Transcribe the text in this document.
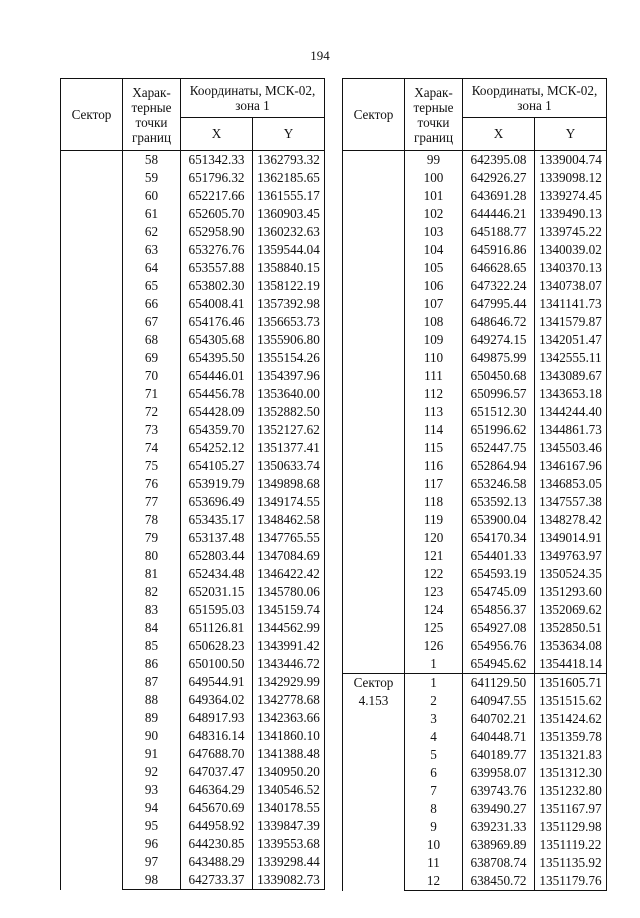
194
Сектор	Харак-терные точки границ	Координаты, МСК-02, зона 1	
		X	Y
	58	651342.33	1362793.32
	59	651796.32	1362185.65
	60	652217.66	1361555.17
	61	652605.70	1360903.45
	62	652958.90	1360232.63
	63	653276.76	1359544.04
	64	653557.88	1358840.15
	65	653802.30	1358122.19
	66	654008.41	1357392.98
	67	654176.46	1356653.73
	68	654305.68	1355906.80
	69	654395.50	1355154.26
	70	654446.01	1354397.96
	71	654456.78	1353640.00
	72	654428.09	1352882.50
	73	654359.70	1352127.62
	74	654252.12	1351377.41
	75	654105.27	1350633.74
	76	653919.79	1349898.68
	77	653696.49	1349174.55
	78	653435.17	1348462.58
	79	653137.48	1347765.55
	80	652803.44	1347084.69
	81	652434.48	1346422.42
	82	652031.15	1345780.06
	83	651595.03	1345159.74
	84	651126.81	1344562.99
	85	650628.23	1343991.42
	86	650100.50	1343446.72
	87	649544.91	1342929.99
	88	649364.02	1342778.68
	89	648917.93	1342363.66
	90	648316.14	1341860.10
	91	647688.70	1341388.48
	92	647037.47	1340950.20
	93	646364.29	1340546.52
	94	645670.69	1340178.55
	95	644958.92	1339847.39
	96	644230.85	1339553.68
	97	643488.29	1339298.44
	98	642733.37	1339082.73
Сектор	Харак-терные точки границ	Координаты, МСК-02, зона 1	
		X	Y
	99	642395.08	1339004.74
	100	642926.27	1339098.12
	101	643691.28	1339274.45
	102	644446.21	1339490.13
	103	645188.77	1339745.22
	104	645916.86	1340039.02
	105	646628.65	1340370.13
	106	647322.24	1340738.07
	107	647995.44	1341141.73
	108	648646.72	1341579.87
	109	649274.15	1342051.47
	110	649875.99	1342555.11
	111	650450.68	1343089.67
	112	650996.57	1343653.18
	113	651512.30	1344244.40
	114	651996.62	1344861.73
	115	652447.75	1345503.46
	116	652864.94	1346167.96
	117	653246.58	1346853.05
	118	653592.13	1347557.38
	119	653900.04	1348278.42
	120	654170.34	1349014.91
	121	654401.33	1349763.97
	122	654593.19	1350524.35
	123	654745.09	1351293.60
	124	654856.37	1352069.62
	125	654927.08	1352850.51
	126	654956.76	1353634.08
	1	654945.62	1354418.14
Сектор 4.153	1	641129.50	1351605.71
	2	640947.55	1351515.62
	3	640702.21	1351424.62
	4	640448.71	1351359.78
	5	640189.77	1351321.83
	6	639958.07	1351312.30
	7	639743.76	1351232.80
	8	639490.27	1351167.97
	9	639231.33	1351129.98
	10	638969.89	1351119.22
	11	638708.74	1351135.92
	12	638450.72	1351179.76
